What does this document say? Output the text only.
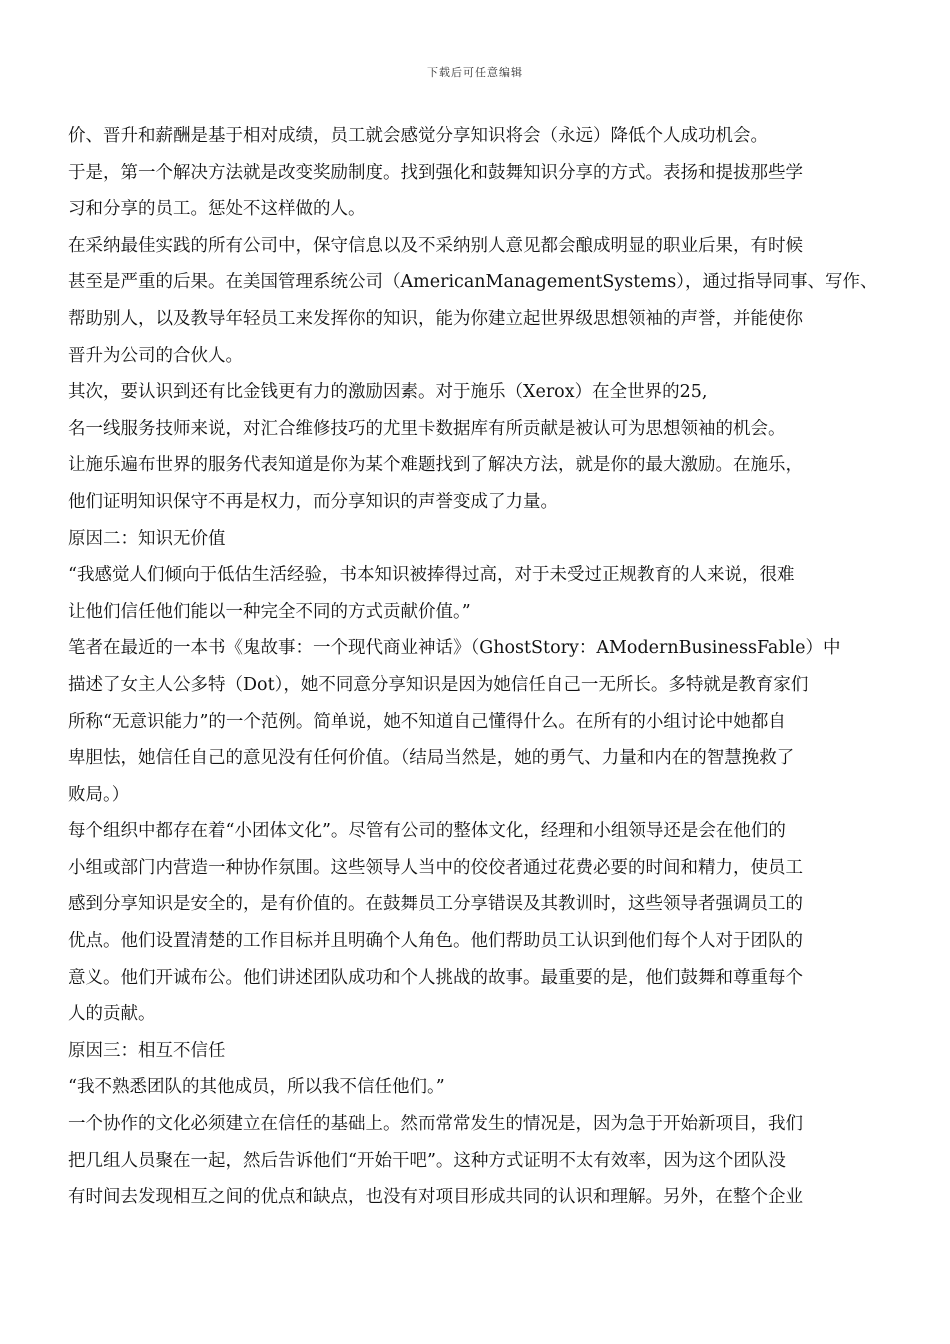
下载后可任意编辑
价、晋升和薪酬是基于相对成绩，员工就会感觉分享知识将会（永远）降低个人成功机会。
于是，第一个解决方法就是改变奖励制度。找到强化和鼓舞知识分享的方式。表扬和提拔那些学
习和分享的员工。惩处不这样做的人。
在采纳最佳实践的所有公司中，保守信息以及不采纳别人意见都会酿成明显的职业后果，有时候
甚至是严重的后果。在美国管理系统公司（AmericanManagementSystems），通过指导同事、写作、
帮助别人，以及教导年轻员工来发挥你的知识，能为你建立起世界级思想领袖的声誉，并能使你
晋升为公司的合伙人。
其次，要认识到还有比金钱更有力的激励因素。对于施乐（Xerox）在全世界的25,
名一线服务技师来说，对汇合维修技巧的尤里卡数据库有所贡献是被认可为思想领袖的机会。
让施乐遍布世界的服务代表知道是你为某个难题找到了解决方法，就是你的最大激励。在施乐，
他们证明知识保守不再是权力，而分享知识的声誉变成了力量。
原因二：知识无价值
“我感觉人们倾向于低估生活经验，书本知识被捧得过高，对于未受过正规教育的人来说，很难
让他们信任他们能以一种完全不同的方式贡献价值。”
笔者在最近的一本书《鬼故事：一个现代商业神话》（GhostStory：AModernBusinessFable）中
描述了女主人公多特（Dot），她不同意分享知识是因为她信任自己一无所长。多特就是教育家们
所称“无意识能力”的一个范例。简单说，她不知道自己懂得什么。在所有的小组讨论中她都自
卑胆怯，她信任自己的意见没有任何价值。（结局当然是，她的勇气、力量和内在的智慧挽救了
败局。）
每个组织中都存在着“小团体文化”。尽管有公司的整体文化，经理和小组领导还是会在他们的
小组或部门内营造一种协作氛围。这些领导人当中的佼佼者通过花费必要的时间和精力，使员工
感到分享知识是安全的，是有价值的。在鼓舞员工分享错误及其教训时，这些领导者强调员工的
优点。他们设置清楚的工作目标并且明确个人角色。他们帮助员工认识到他们每个人对于团队的
意义。他们开诚布公。他们讲述团队成功和个人挑战的故事。最重要的是，他们鼓舞和尊重每个
人的贡献。
原因三：相互不信任
“我不熟悉团队的其他成员，所以我不信任他们。”
一个协作的文化必须建立在信任的基础上。然而常常发生的情况是，因为急于开始新项目，我们
把几组人员聚在一起，然后告诉他们“开始干吧”。这种方式证明不太有效率，因为这个团队没
有时间去发现相互之间的优点和缺点，也没有对项目形成共同的认识和理解。另外，在整个企业
